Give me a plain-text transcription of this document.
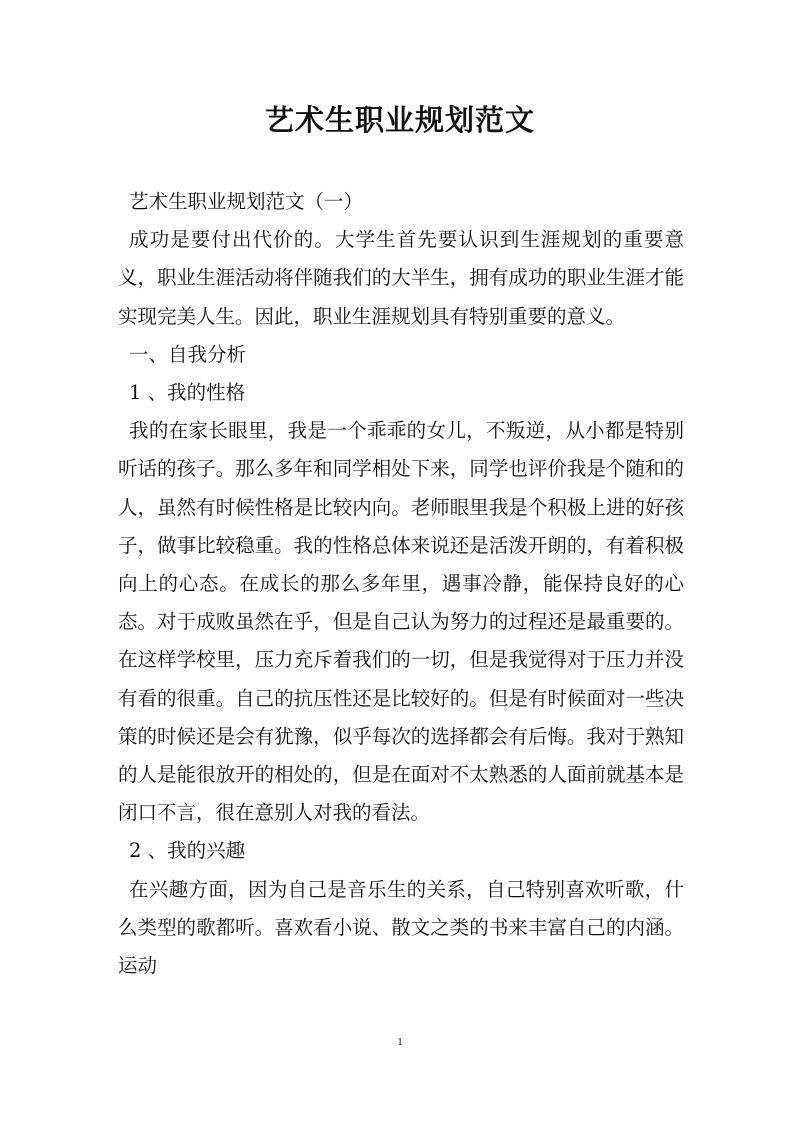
艺术生职业规划范文

艺术生职业规划范文（一）

成功是要付出代价的。大学生首先要认识到生涯规划的重要意义，职业生涯活动将伴随我们的大半生，拥有成功的职业生涯才能实现完美人生。因此，职业生涯规划具有特别重要的意义。

一、自我分析

1 、我的性格

我的在家长眼里，我是一个乖乖的女儿，不叛逆，从小都是特别听话的孩子。那么多年和同学相处下来，同学也评价我是个随和的人，虽然有时候性格是比较内向。老师眼里我是个积极上进的好孩子，做事比较稳重。我的性格总体来说还是活泼开朗的，有着积极向上的心态。在成长的那么多年里，遇事冷静，能保持良好的心态。对于成败虽然在乎，但是自己认为努力的过程还是最重要的。在这样学校里，压力充斥着我们的一切，但是我觉得对于压力并没有看的很重。自己的抗压性还是比较好的。但是有时候面对一些决策的时候还是会有犹豫，似乎每次的选择都会有后悔。我对于熟知的人是能很放开的相处的，但是在面对不太熟悉的人面前就基本是闭口不言，很在意别人对我的看法。

2 、我的兴趣

在兴趣方面，因为自己是音乐生的关系，自己特别喜欢听歌，什么类型的歌都听。喜欢看小说、散文之类的书来丰富自己的内涵。运动

1
